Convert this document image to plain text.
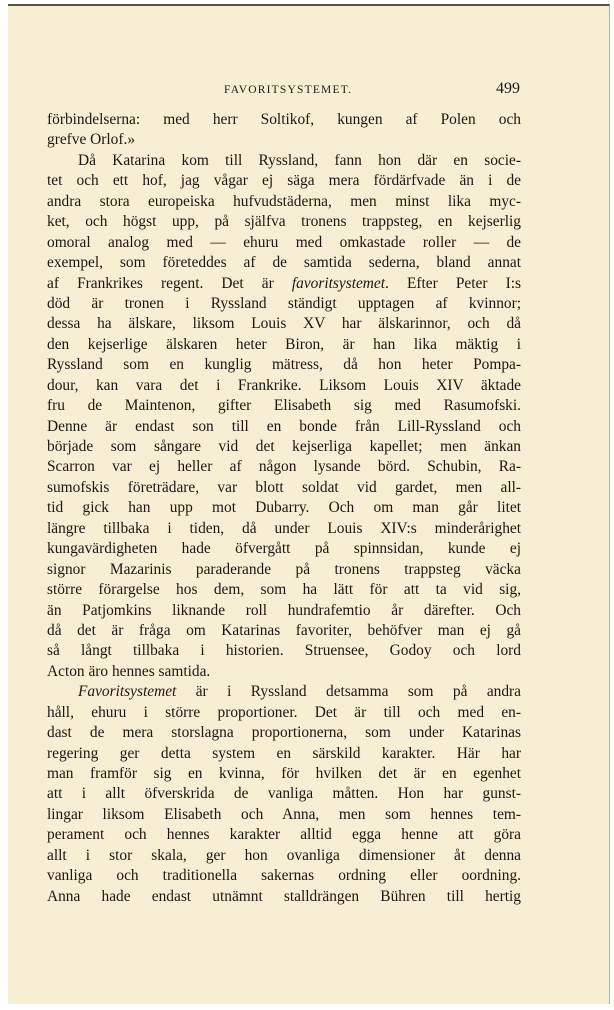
FAVORITSYSTEMET.	499
förbindelserna: med herr Soltikof, kungen af Polen och
grefve Orlof.»
Då Katarina kom till Ryssland, fann hon där en socie-
tet och ett hof, jag vågar ej säga mera fördärfvade än i de
andra stora europeiska hufvudstäderna, men minst lika myc-
ket, och högst upp, på själfva tronens trappsteg, en kejserlig
omoral analog med — ehuru med omkastade roller — de
exempel, som företeddes af de samtida sederna, bland annat
af Frankrikes regent. Det är favoritsystemet. Efter Peter I:s
död är tronen i Ryssland ständigt upptagen af kvinnor;
dessa ha älskare, liksom Louis XV har älskarinnor, och då
den kejserlige älskaren heter Biron, är han lika mäktig i
Ryssland som en kunglig mätress, då hon heter Pompa-
dour, kan vara det i Frankrike. Liksom Louis XIV äktade
fru de Maintenon, gifter Elisabeth sig med Rasumofski.
Denne är endast son till en bonde från Lill-Ryssland och
började som sångare vid det kejserliga kapellet; men änkan
Scarron var ej heller af någon lysande börd. Schubin, Ra-
sumofskis företrädare, var blott soldat vid gardet, men all-
tid gick han upp mot Dubarry. Och om man går litet
längre tillbaka i tiden, då under Louis XIV:s minderårighet
kungavärdigheten hade öfvergått på spinnsidan, kunde ej
signor Mazarinis paraderande på tronens trappsteg väcka
större förargelse hos dem, som ha lätt för att ta vid sig,
än Patjomkins liknande roll hundrafemtio år därefter. Och
då det är fråga om Katarinas favoriter, behöfver man ej gå
så långt tillbaka i historien. Struensee, Godoy och lord
Acton äro hennes samtida.
Favoritsystemet är i Ryssland detsamma som på andra
håll, ehuru i större proportioner. Det är till och med en-
dast de mera storslagna proportionerna, som under Katarinas
regering ger detta system en särskild karakter. Här har
man framför sig en kvinna, för hvilken det är en egenhet
att i allt öfverskrida de vanliga måtten. Hon har gunst-
lingar liksom Elisabeth och Anna, men som hennes tem-
perament och hennes karakter alltid egga henne att göra
allt i stor skala, ger hon ovanliga dimensioner åt denna
vanliga och traditionella sakernas ordning eller oordning.
Anna hade endast utnämnt stalldrängen Bühren till hertig
